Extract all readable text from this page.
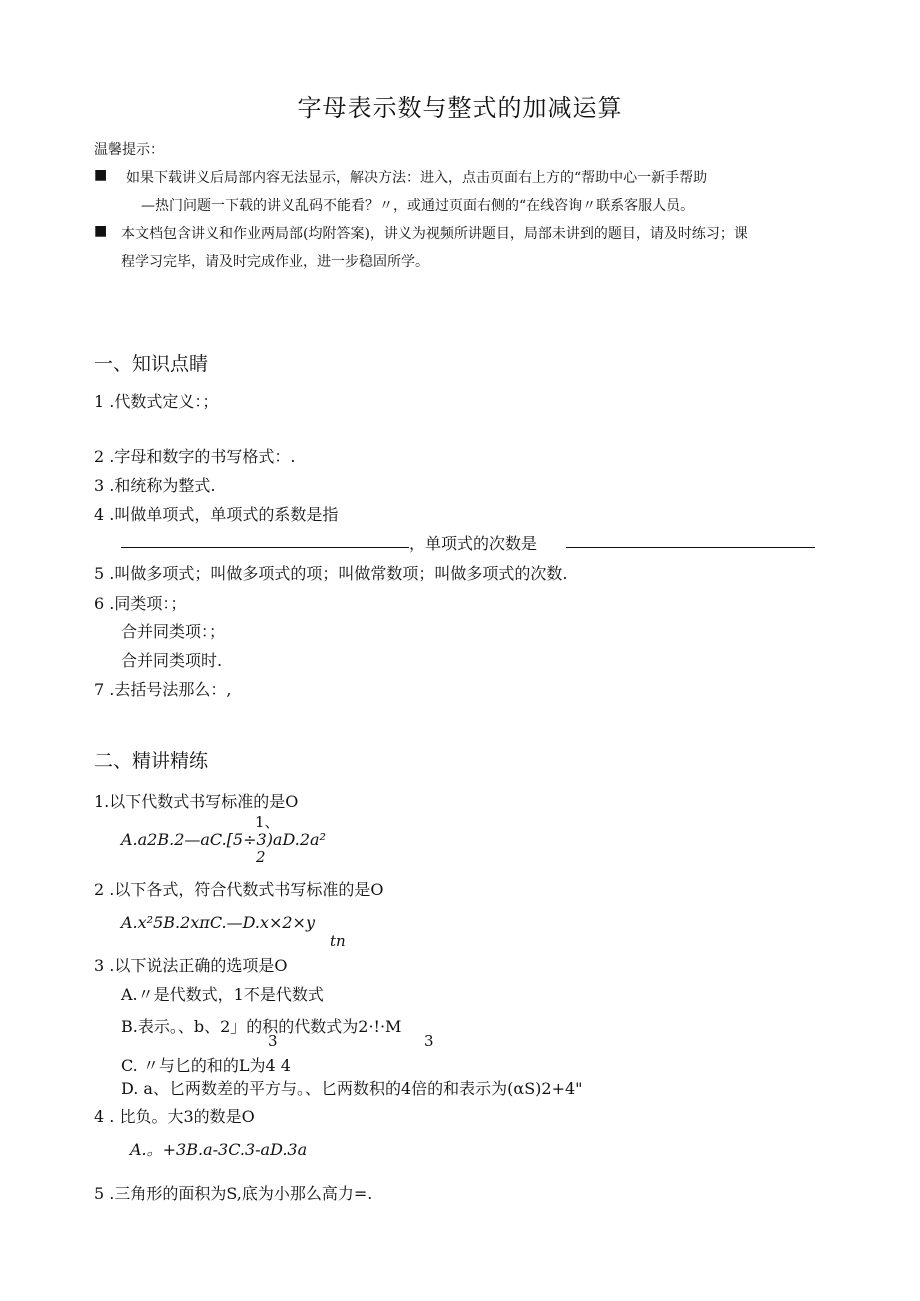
字母表示数与整式的加减运算
温馨提示：
■ 如果下载讲义后局部内容无法显示，解决方法：进入，点击页面右上方的“帮助中心一新手帮助
—热门问题一下载的讲义乱码不能看？〃，或通过页面右侧的“在线咨询〃联系客服人员。
■ 本文档包含讲义和作业两局部(均附答案)，讲义为视频所讲题目，局部未讲到的题目，请及时练习；课
程学习完毕，请及时完成作业，进一步稳固所学。
一、知识点睛
1 .代数式定义：；
2 .字母和数字的书写格式：.
3 .和统称为整式.
4 .叫做单项式，单项式的系数是指
，单项式的次数是
5 .叫做多项式；叫做多项式的项；叫做常数项；叫做多项式的次数.
6 .同类项：；
合并同类项：；
合并同类项时.
7 .去括号法那么：,
二、精讲精练
1.以下代数式书写标准的是O
1、
A.a2B.2—aC.[5÷3)aD.2a²
2
2 .以下各式，符合代数式书写标准的是O
A.x²5B.2xπC.—D.x×2×y
tn
3 .以下说法正确的选项是O
A.〃是代数式，1不是代数式
B.表示。、b、2」的积的代数式为2·!·M
3	3
C. 〃与匕的和的L为4 4
D. a、匕两数差的平方与。、匕两数积的4倍的和表示为(αS)2+4"
4 . 比负。大3的数是O
A.。+3B.a-3C.3-aD.3a
5 .三角形的面积为S,底为小那么高力=.
